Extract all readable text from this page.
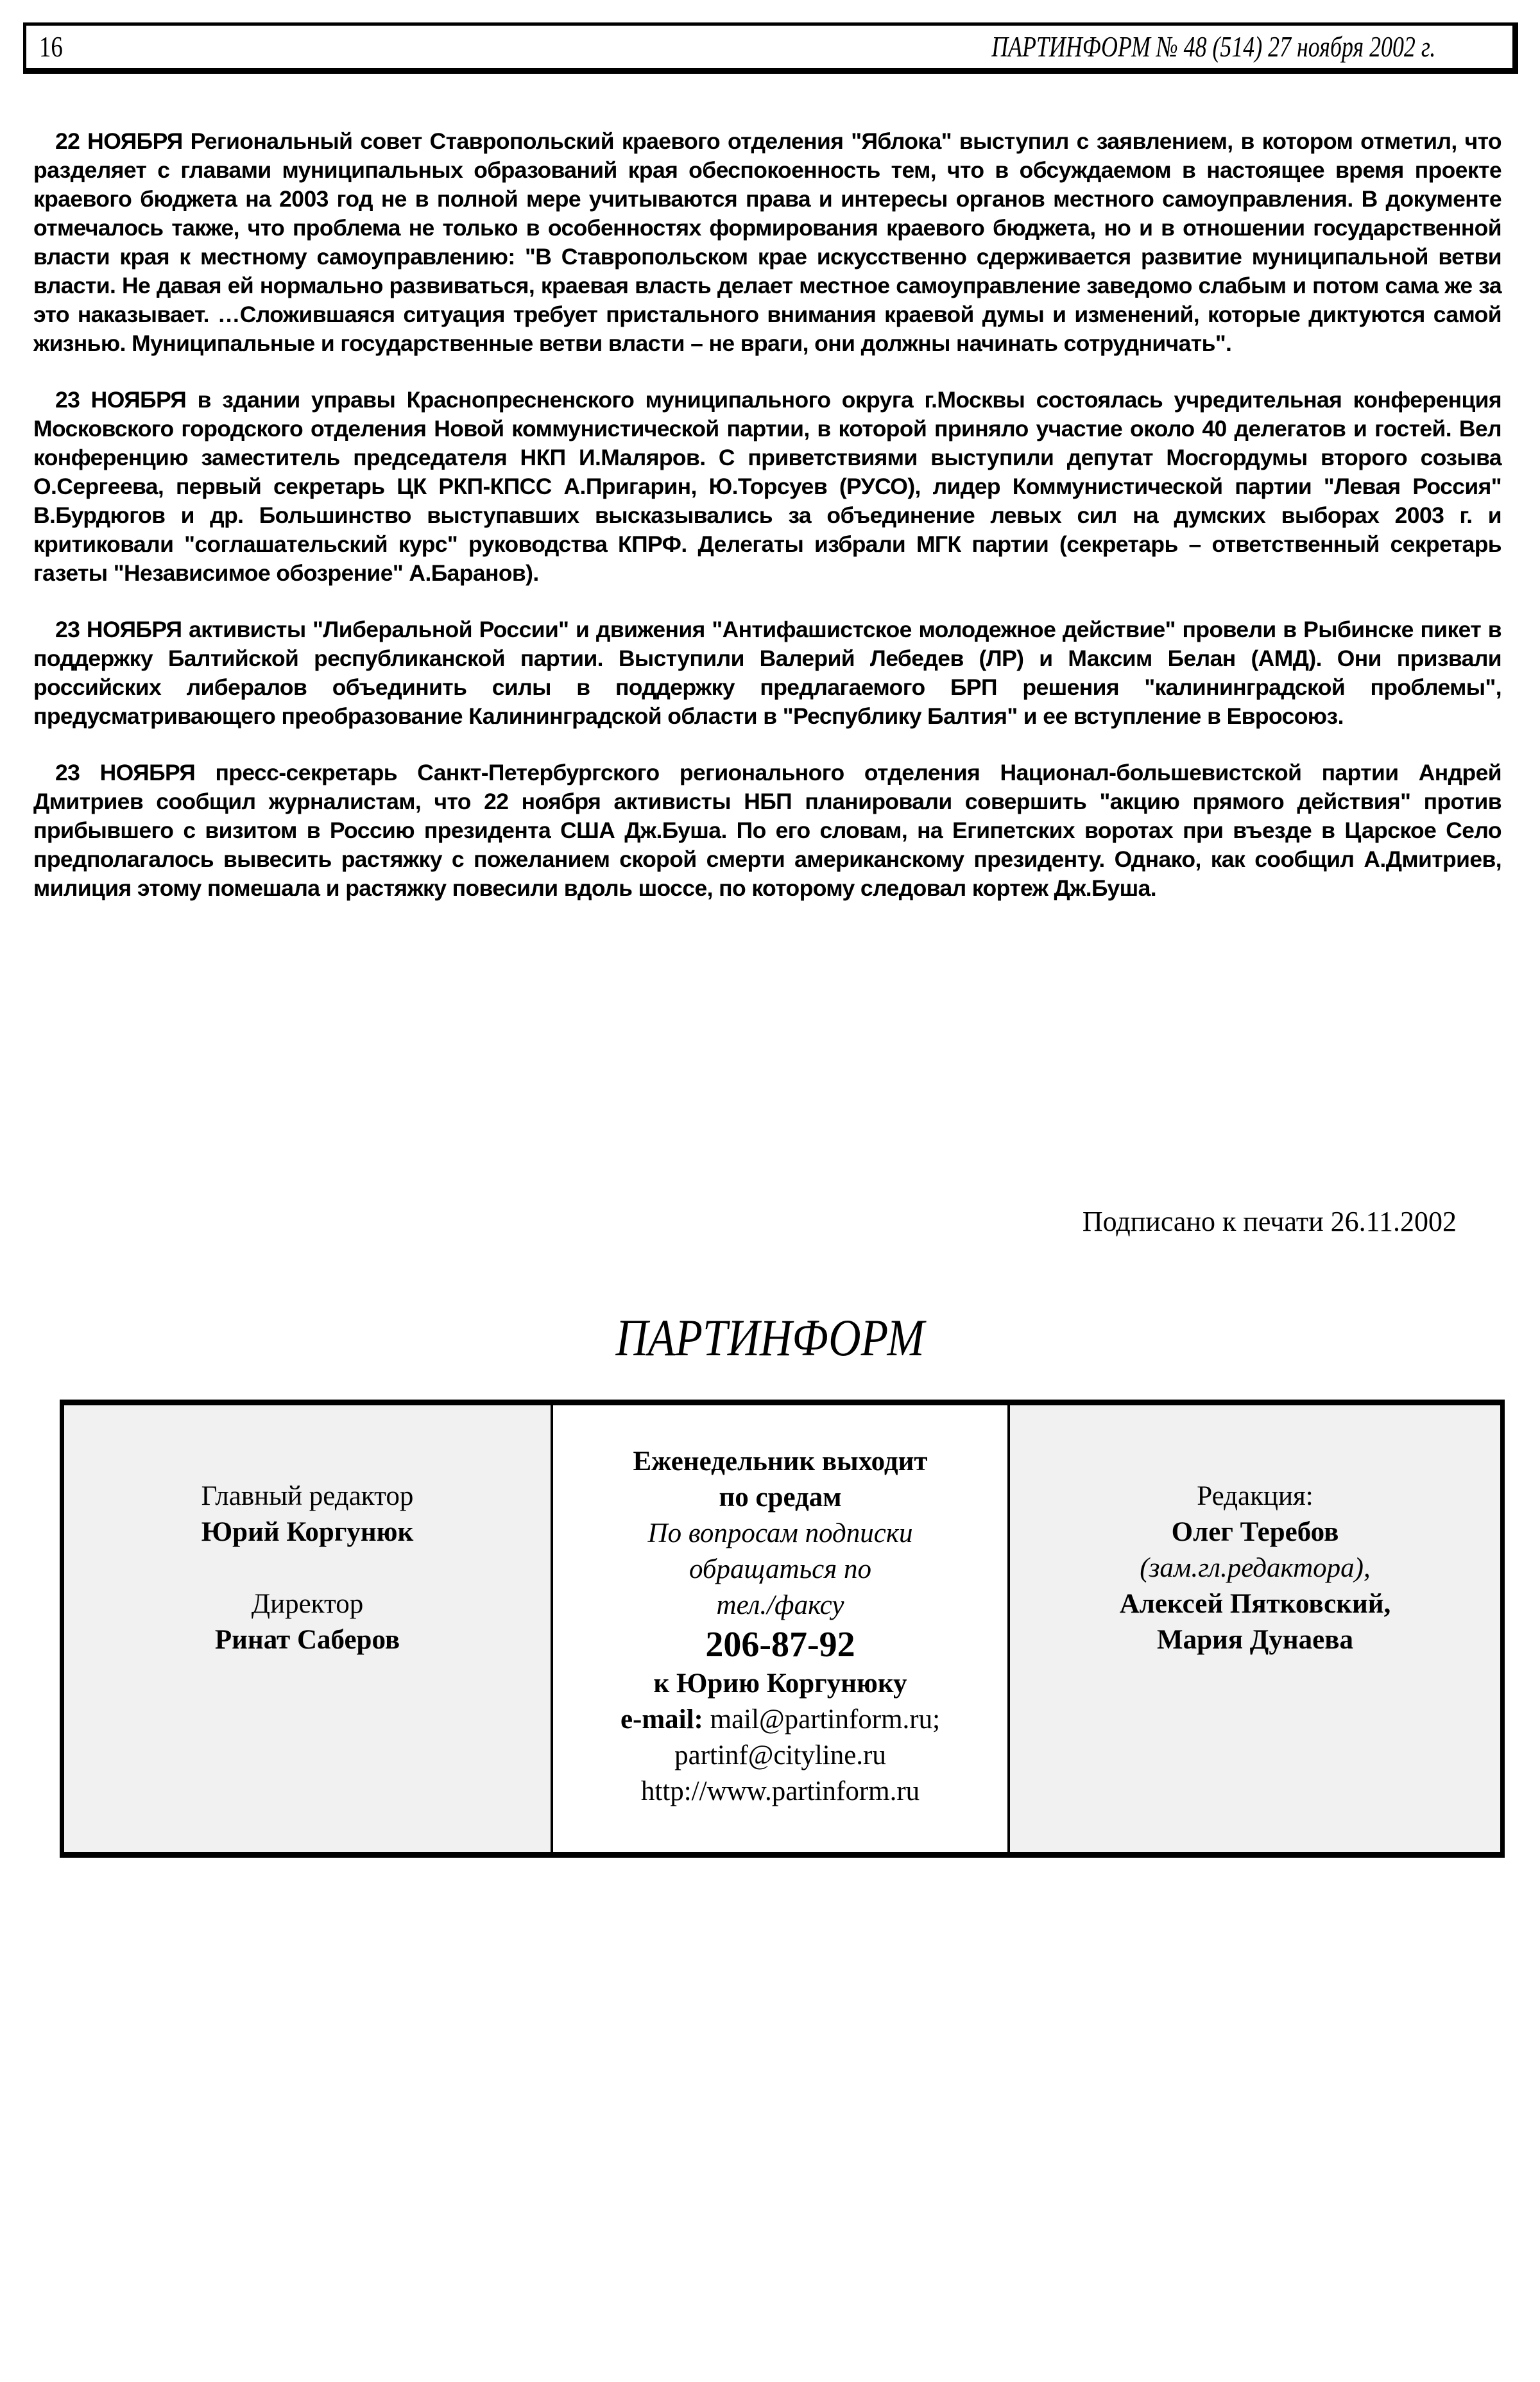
16	ПАРТИНФОРМ № 48 (514) 27 ноября 2002 г.

22 НОЯБРЯ Региональный совет Ставропольский краевого отделения "Яблока" выступил с заявлением, в котором отметил, что разделяет с главами муниципальных образований края обеспокоенность тем, что в обсуждаемом в настоящее время проекте краевого бюджета на 2003 год не в полной мере учитываются права и интересы органов местного самоуправления. В документе отмечалось также, что проблема не только в особенностях формирования краевого бюджета, но и в отношении государственной власти края к местному самоуправлению: "В Ставропольском крае искусственно сдерживается развитие муниципальной ветви власти. Не давая ей нормально развиваться, краевая власть делает местное самоуправление заведомо слабым и потом сама же за это наказывает. …Сложившаяся ситуация требует пристального внимания краевой думы и изменений, которые диктуются самой жизнью. Муниципальные и государственные ветви власти – не враги, они должны начинать сотрудничать".

23 НОЯБРЯ в здании управы Краснопресненского муниципального округа г.Москвы состоялась учредительная конференция Московского городского отделения Новой коммунистической партии, в которой приняло участие около 40 делегатов и гостей. Вел конференцию заместитель председателя НКП И.Маляров. С приветствиями выступили депутат Мосгордумы второго созыва О.Сергеева, первый секретарь ЦК РКП-КПСС А.Пригарин, Ю.Торсуев (РУСО), лидер Коммунистической партии "Левая Россия" В.Бурдюгов и др. Большинство выступавших высказывались за объединение левых сил на думских выборах 2003 г. и критиковали "соглашательский курс" руководства КПРФ. Делегаты избрали МГК партии (секретарь – ответственный секретарь газеты "Независимое обозрение" А.Баранов).

23 НОЯБРЯ активисты "Либеральной России" и движения "Антифашистское молодежное действие" провели в Рыбинске пикет в поддержку Балтийской республиканской партии. Выступили Валерий Лебедев (ЛР) и Максим Белан (АМД). Они призвали российских либералов объединить силы в поддержку предлагаемого БРП решения "калининградской проблемы", предусматривающего преобразование Калининградской области в "Республику Балтия" и ее вступление в Евросоюз.

23 НОЯБРЯ пресс-секретарь Санкт-Петербургского регионального отделения Национал-большевистской партии Андрей Дмитриев сообщил журналистам, что 22 ноября активисты НБП планировали совершить "акцию прямого действия" против прибывшего с визитом в Россию президента США Дж.Буша. По его словам, на Египетских воротах при въезде в Царское Село предполагалось вывесить растяжку с пожеланием скорой смерти американскому президенту. Однако, как сообщил А.Дмитриев, милиция этому помешала и растяжку повесили вдоль шоссе, по которому следовал кортеж Дж.Буша.

Подписано к печати 26.11.2002
ПАРТИНФОРМ
Главный редактор
Юрий Коргунюк
Директор
Ринат Саберов
Еженедельник выходит
по средам
По вопросам подписки
обращаться по
тел./факсу
206-87-92
к Юрию Коргунюку
e-mail: mail@partinform.ru;
partinf@cityline.ru
http://www.partinform.ru
Редакция:
Олег Теребов
(зам.гл.редактора),
Алексей Пятковский,
Мария Дунаева
